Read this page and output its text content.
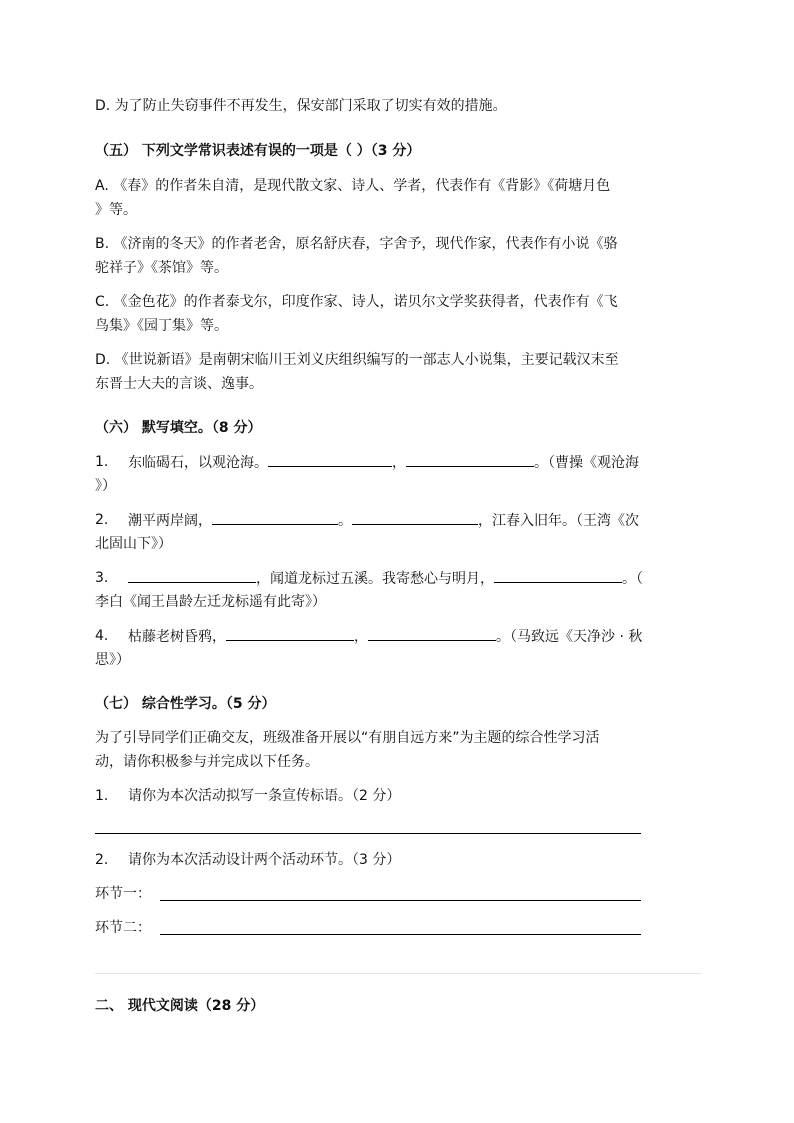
D. 为了防止失窃事件不再发生，保安部门采取了切实有效的措施。

（五） 下列文学常识表述有误的一项是（ ）（3 分）

A. 《春》的作者朱自清，是现代散文家、诗人、学者，代表作有《背影》《荷塘月色

》等。

B. 《济南的冬天》的作者老舍，原名舒庆春，字舍予，现代作家，代表作有小说《骆

驼祥子》《茶馆》等。

C. 《金色花》的作者泰戈尔，印度作家、诗人，诺贝尔文学奖获得者，代表作有《飞

鸟集》《园丁集》等。

D. 《世说新语》是南朝宋临川王刘义庆组织编写的一部志人小说集，主要记载汉末至

东晋士大夫的言谈、逸事。

（六） 默写填空。（8 分）

1. 东临碣石，以观沧海。	，	。（曹操《观沧海

》）

2. 潮平两岸阔，	。	，江春入旧年。（王湾《次

北固山下》）

3.	，闻道龙标过五溪。我寄愁心与明月，	。（

李白《闻王昌龄左迁龙标遥有此寄》）

4. 枯藤老树昏鸦，	，	。（马致远《天净沙 · 秋

思》）

（七） 综合性学习。（5 分）

为了引导同学们正确交友，班级准备开展以“有朋自远方来”为主题的综合性学习活

动，请你积极参与并完成以下任务。

1. 请你为本次活动拟写一条宣传标语。（2 分）

2. 请你为本次活动设计两个活动环节。（3 分）

环节一：

环节二：

二、 现代文阅读（28 分）
